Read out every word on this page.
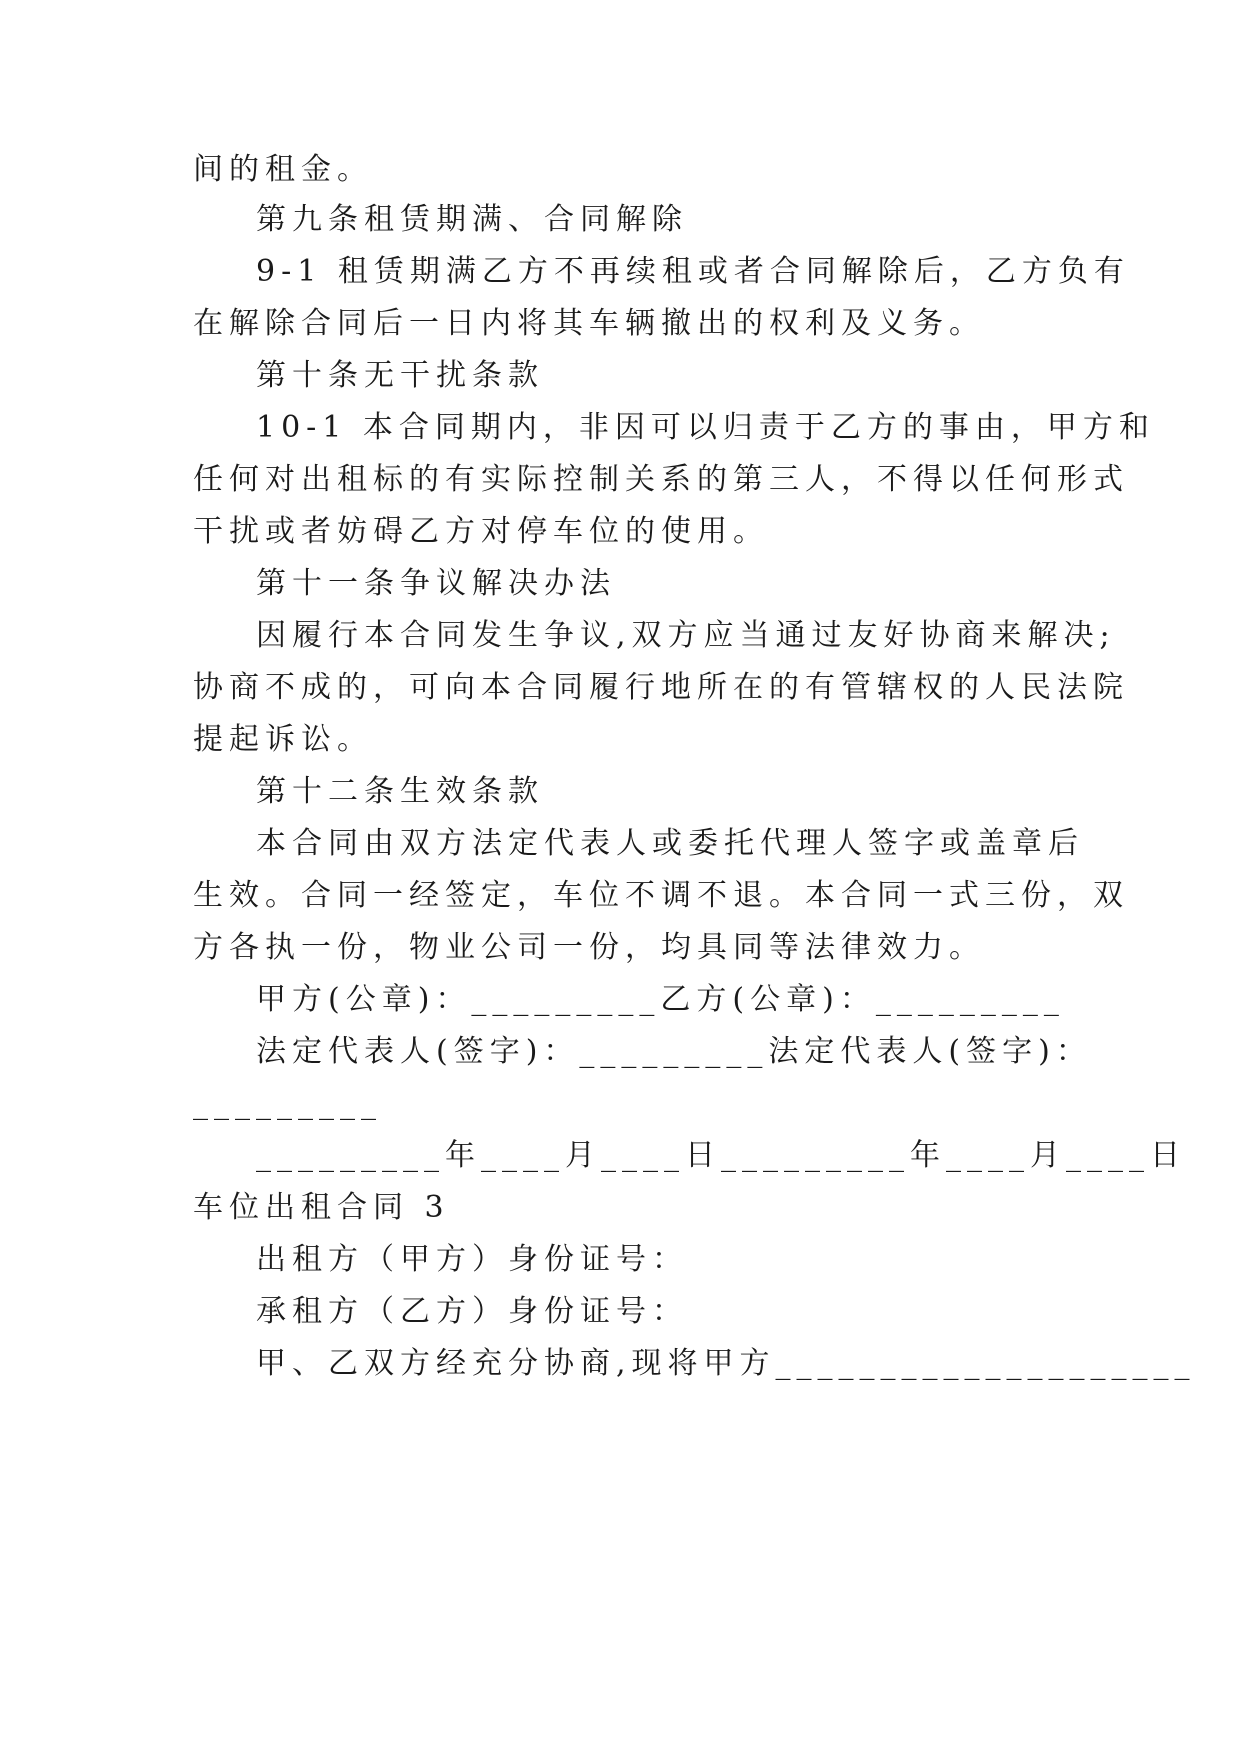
间的租金。
第九条租赁期满、合同解除
9-1 租赁期满乙方不再续租或者合同解除后，乙方负有
在解除合同后一日内将其车辆撤出的权利及义务。
第十条无干扰条款
10-1 本合同期内，非因可以归责于乙方的事由，甲方和
任何对出租标的有实际控制关系的第三人，不得以任何形式
干扰或者妨碍乙方对停车位的使用。
第十一条争议解决办法
因履行本合同发生争议,双方应当通过友好协商来解决;
协商不成的，可向本合同履行地所在的有管辖权的人民法院
提起诉讼。
第十二条生效条款
本合同由双方法定代表人或委托代理人签字或盖章后
生效。合同一经签定，车位不调不退。本合同一式三份，双
方各执一份，物业公司一份，均具同等法律效力。
甲方(公章)：_________乙方(公章)：_________
法定代表人(签字)：_________法定代表人(签字)：
_________
_________年____月____日_________年____月____日
车位出租合同 3
出租方（甲方）身份证号：
承租方（乙方）身份证号：
甲、乙双方经充分协商,现将甲方____________________
